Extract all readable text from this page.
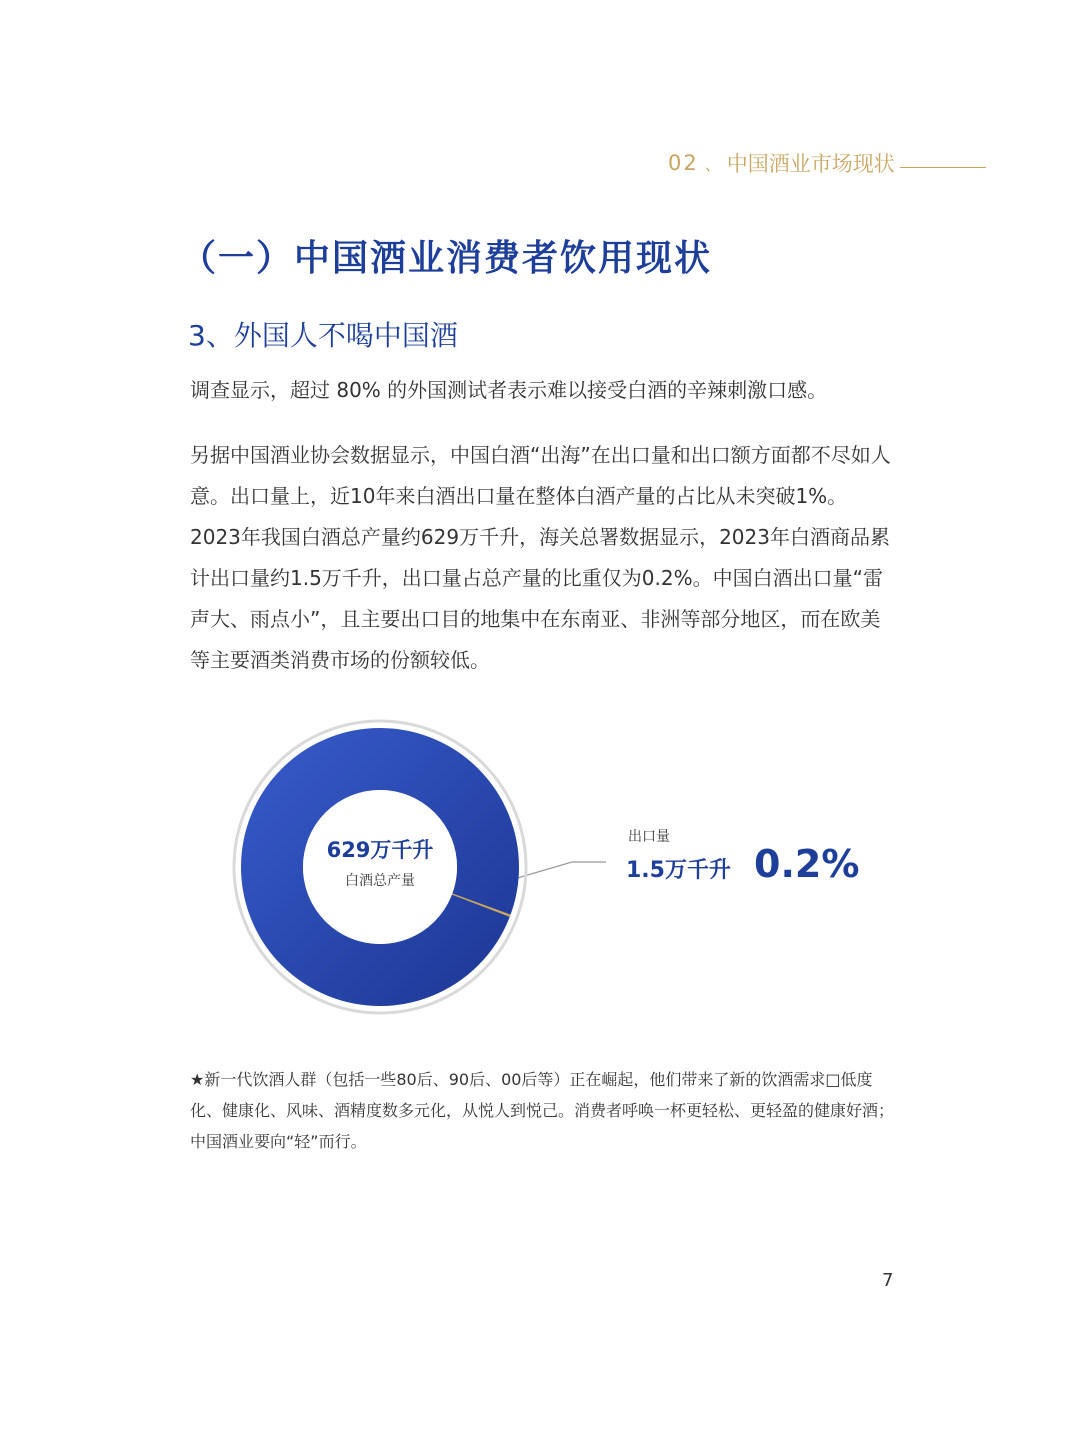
02 、 中国酒业市场现状
（一）中国酒业消费者饮用现状
3、外国人不喝中国酒

调查显示，超过 80% 的外国测试者表示难以接受白酒的辛辣刺激口感。

另据中国酒业协会数据显示，中国白酒“出海”在出口量和出口额方面都不尽如人意。出口量上，近10年来白酒出口量在整体白酒产量的占比从未突破1%。2023年我国白酒总产量约629万千升，海关总署数据显示，2023年白酒商品累计出口量约1.5万千升，出口量占总产量的比重仅为0.2%。中国白酒出口量“雷声大、雨点小”，且主要出口目的地集中在东南亚、非洲等部分地区，而在欧美等主要酒类消费市场的份额较低。

629万千升
白酒总产量
出口量
1.5万千升 0.2%

★新一代饮酒人群（包括一些80后、90后、00后等）正在崛起，他们带来了新的饮酒需求□低度化、健康化、风味、酒精度数多元化，从悦人到悦己。消费者呼唤一杯更轻松、更轻盈的健康好酒；中国酒业要向“轻”而行。

7
